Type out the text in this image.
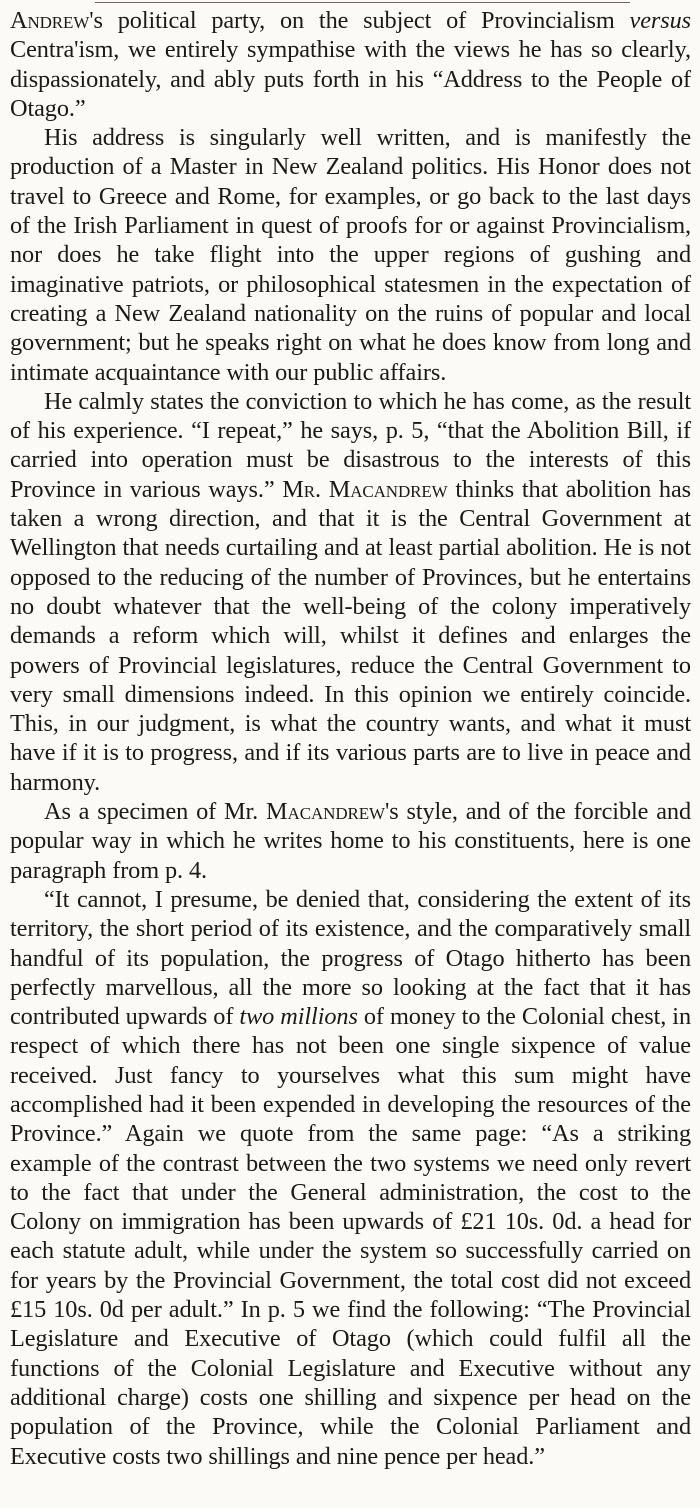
Andrew's political party, on the subject of Provincialism versus Centra'ism, we entirely sympathise with the views he has so clearly, dispassionately, and ably puts forth in his “Address to the People of Otago.”

His address is singularly well written, and is manifestly the production of a Master in New Zealand politics. His Honor does not travel to Greece and Rome, for examples, or go back to the last days of the Irish Parliament in quest of proofs for or against Provincialism, nor does he take flight into the upper regions of gushing and imaginative patriots, or philosophical statesmen in the expectation of creating a New Zealand nationality on the ruins of popular and local government; but he speaks right on what he does know from long and intimate acquaintance with our public affairs.

He calmly states the conviction to which he has come, as the result of his experience. “I repeat,” he says, p. 5, “that the Abolition Bill, if carried into operation must be disastrous to the interests of this Province in various ways.” Mr. Macandrew thinks that abolition has taken a wrong direction, and that it is the Central Government at Wellington that needs curtailing and at least partial abolition. He is not opposed to the reducing of the number of Provinces, but he entertains no doubt whatever that the well-being of the colony imperatively demands a reform which will, whilst it defines and enlarges the powers of Provincial legislatures, reduce the Central Government to very small dimensions indeed. In this opinion we entirely coincide. This, in our judgment, is what the country wants, and what it must have if it is to progress, and if its various parts are to live in peace and harmony.

As a specimen of Mr. Macandrew's style, and of the forcible and popular way in which he writes home to his constituents, here is one paragraph from p. 4.

“It cannot, I presume, be denied that, considering the extent of its territory, the short period of its existence, and the comparatively small handful of its population, the progress of Otago hitherto has been perfectly marvellous, all the more so looking at the fact that it has contributed upwards of two millions of money to the Colonial chest, in respect of which there has not been one single sixpence of value received. Just fancy to yourselves what this sum might have accomplished had it been expended in developing the resources of the Province.” Again we quote from the same page: “As a striking example of the contrast between the two systems we need only revert to the fact that under the General administration, the cost to the Colony on immigration has been upwards of £21 10s. 0d. a head for each statute adult, while under the system so successfully carried on for years by the Provincial Government, the total cost did not exceed £15 10s. 0d per adult.” In p. 5 we find the following: “The Provincial Legislature and Executive of Otago (which could fulfil all the functions of the Colonial Legislature and Executive without any additional charge) costs one shilling and sixpence per head on the population of the Province, while the Colonial Parliament and Executive costs two shillings and nine pence per head.”
